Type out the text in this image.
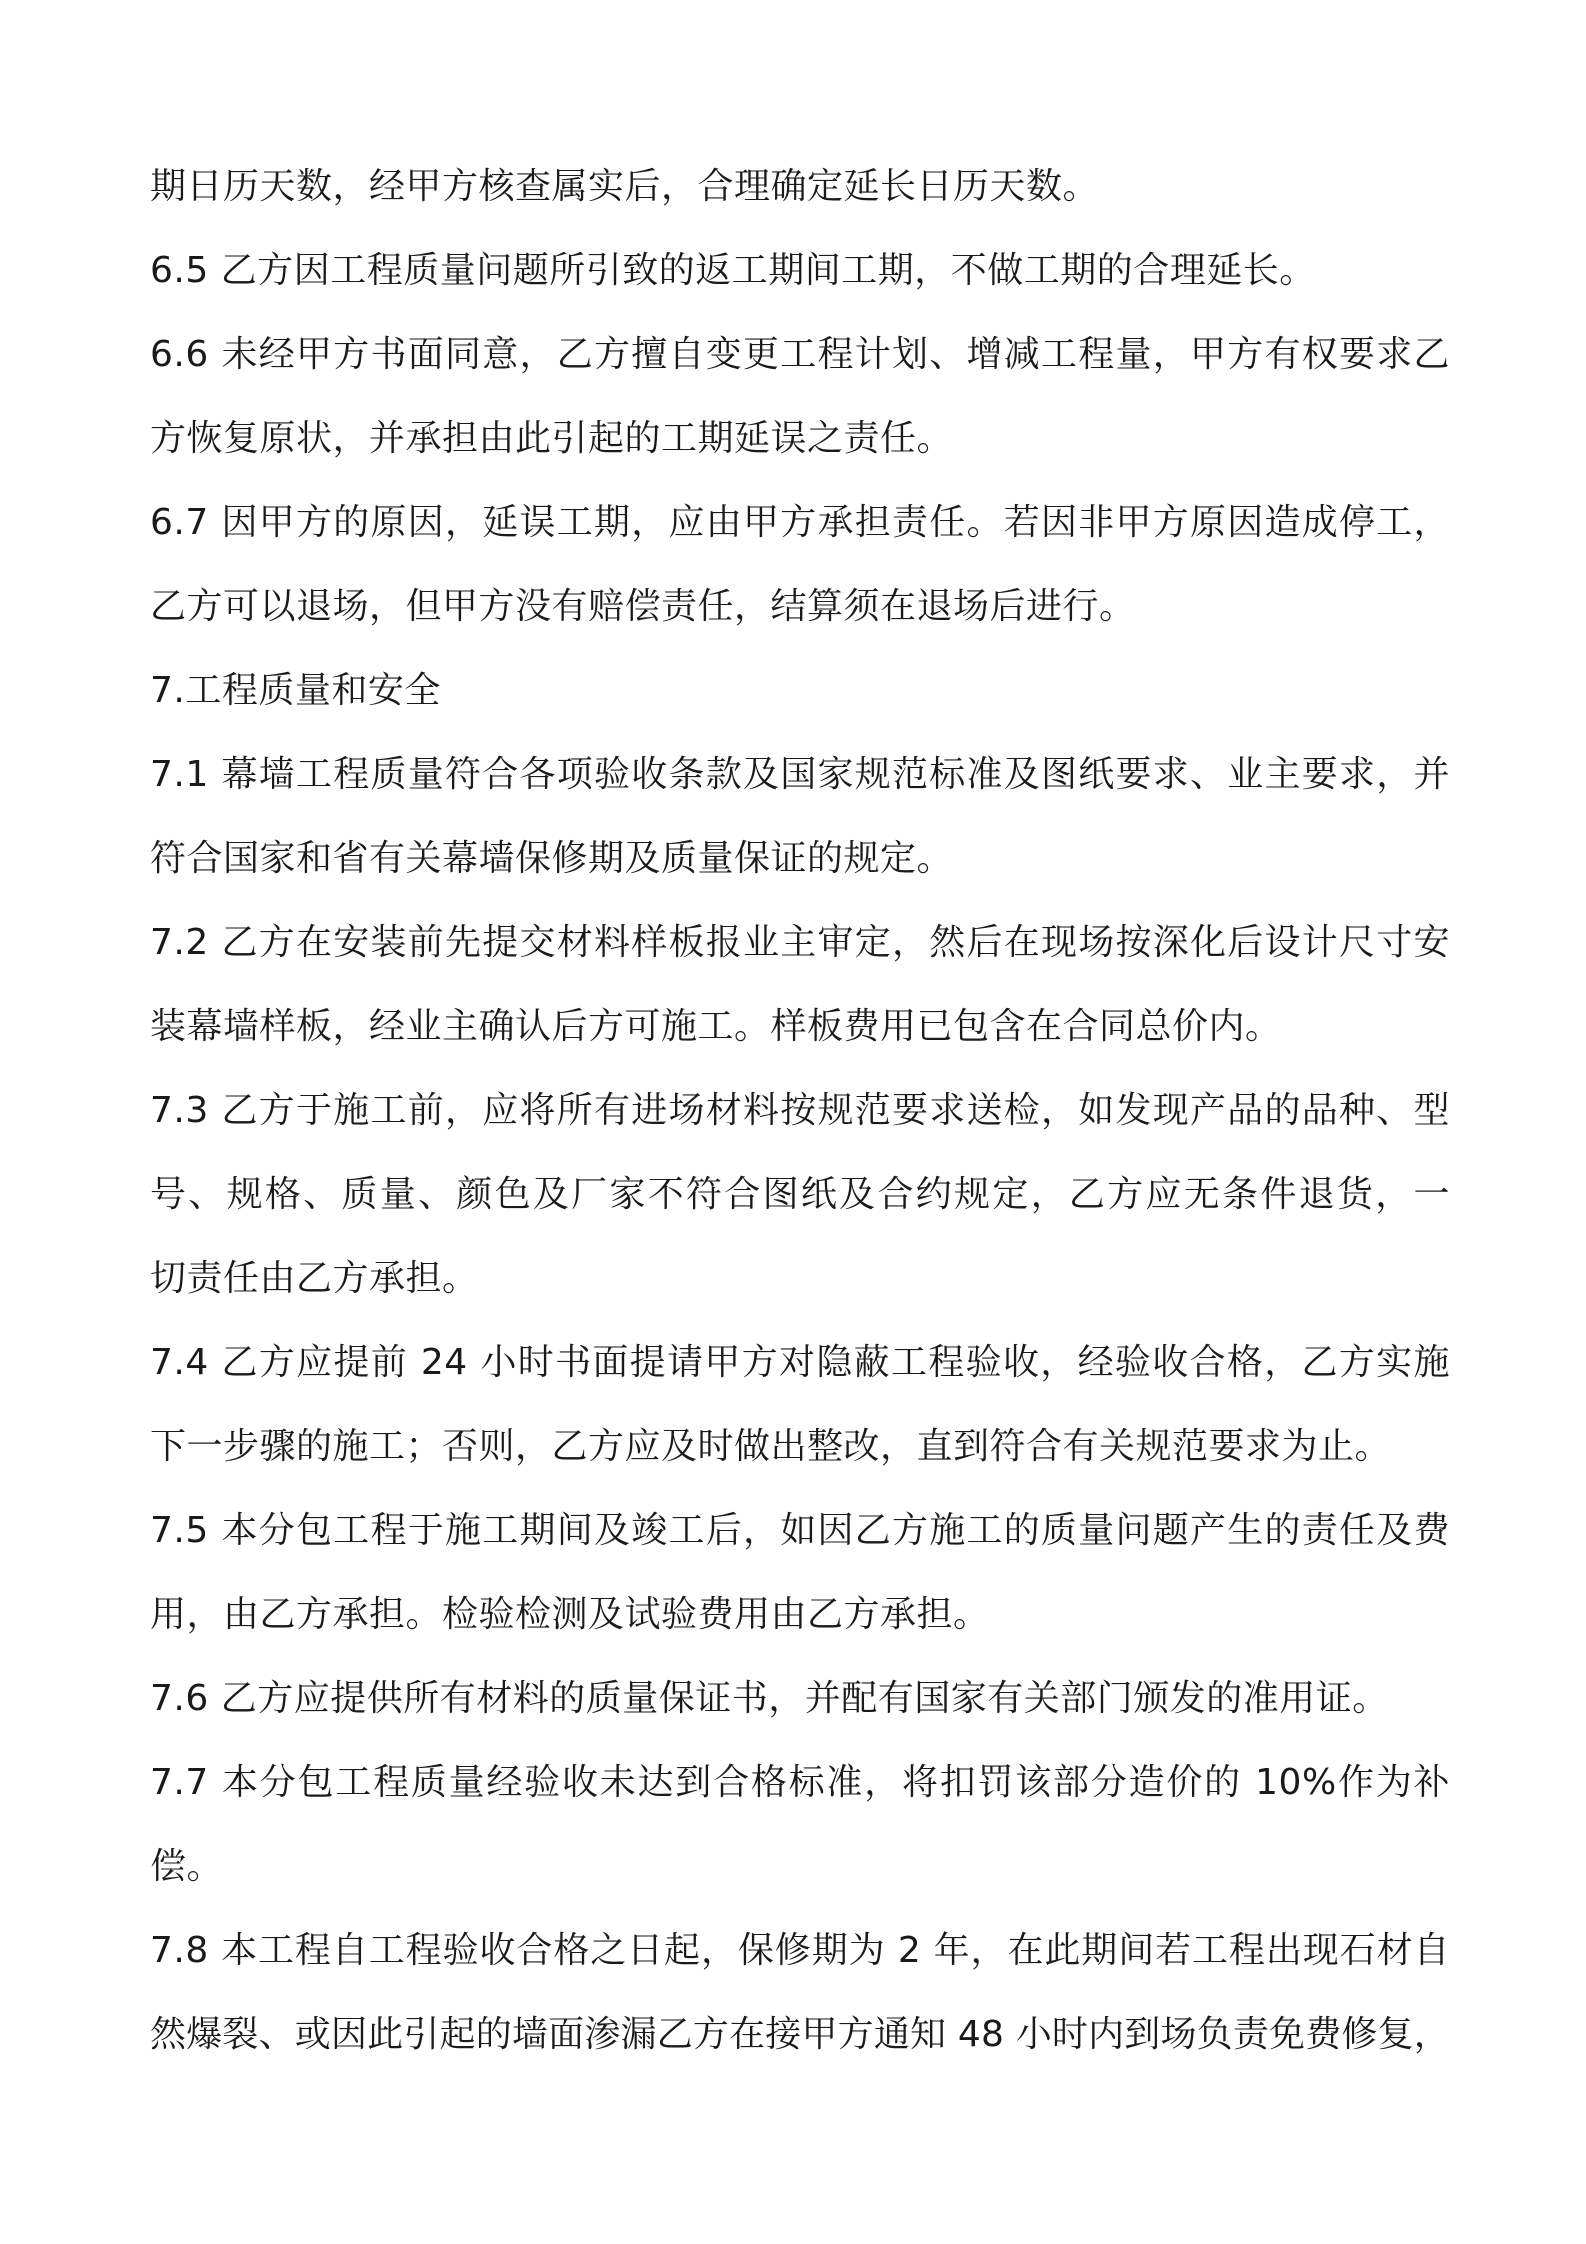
期日历天数，经甲方核查属实后，合理确定延长日历天数。
6.5 乙方因工程质量问题所引致的返工期间工期，不做工期的合理延长。
6.6 未经甲方书面同意，乙方擅自变更工程计划、增减工程量，甲方有权要求乙
方恢复原状，并承担由此引起的工期延误之责任。
6.7 因甲方的原因，延误工期，应由甲方承担责任。若因非甲方原因造成停工，
乙方可以退场，但甲方没有赔偿责任，结算须在退场后进行。
7.工程质量和安全
7.1 幕墙工程质量符合各项验收条款及国家规范标准及图纸要求、业主要求，并
符合国家和省有关幕墙保修期及质量保证的规定。
7.2 乙方在安装前先提交材料样板报业主审定，然后在现场按深化后设计尺寸安
装幕墙样板，经业主确认后方可施工。样板费用已包含在合同总价内。
7.3 乙方于施工前，应将所有进场材料按规范要求送检，如发现产品的品种、型
号、规格、质量、颜色及厂家不符合图纸及合约规定，乙方应无条件退货，一
切责任由乙方承担。
7.4 乙方应提前 24 小时书面提请甲方对隐蔽工程验收，经验收合格，乙方实施
下一步骤的施工；否则，乙方应及时做出整改，直到符合有关规范要求为止。
7.5 本分包工程于施工期间及竣工后，如因乙方施工的质量问题产生的责任及费
用，由乙方承担。检验检测及试验费用由乙方承担。
7.6 乙方应提供所有材料的质量保证书，并配有国家有关部门颁发的准用证。
7.7 本分包工程质量经验收未达到合格标准，将扣罚该部分造价的 10%作为补
偿。
7.8 本工程自工程验收合格之日起，保修期为 2 年，在此期间若工程出现石材自
然爆裂、或因此引起的墙面渗漏乙方在接甲方通知 48 小时内到场负责免费修复，
